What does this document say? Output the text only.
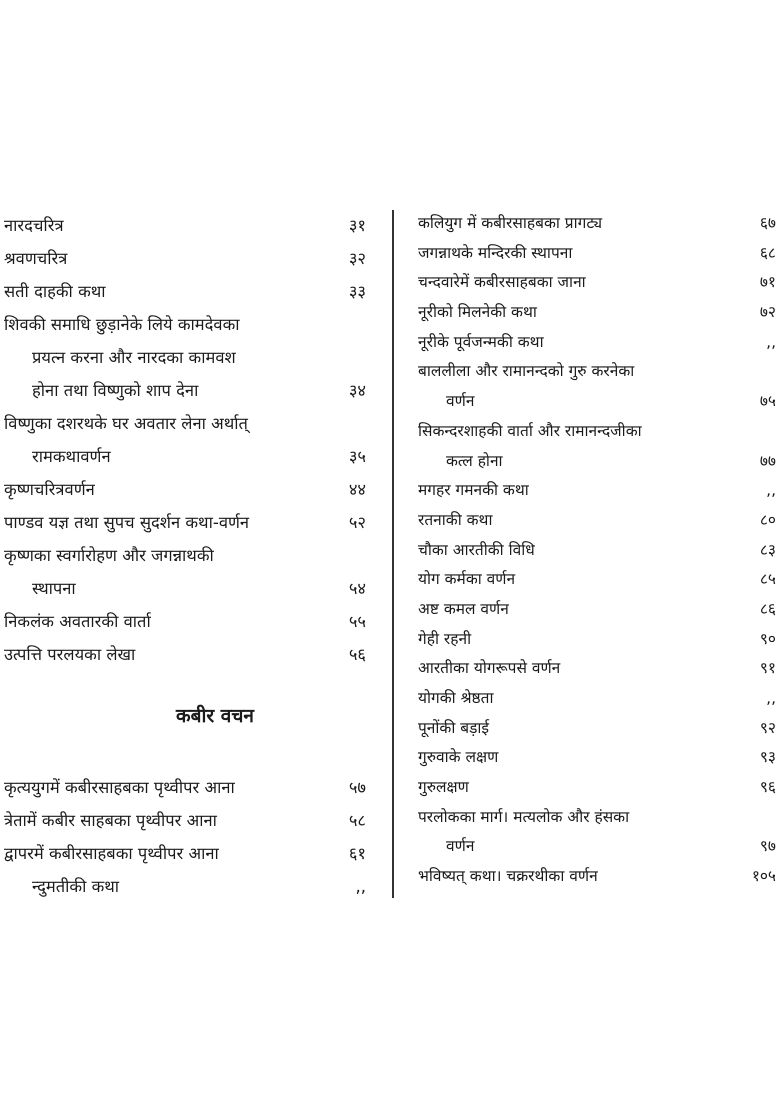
नारदचरित्र	३१
श्रवणचरित्र	३२
सती दाहकी कथा	३३
शिवकी समाधि छुड़ानेके लिये कामदेवका
प्रयत्न करना और नारदका कामवश
होना तथा विष्णुको शाप देना	३४
विष्णुका दशरथके घर अवतार लेना अर्थात्
रामकथावर्णन	३५
कृष्णचरित्रवर्णन	४४
पाण्डव यज्ञ तथा सुपच सुदर्शन कथा-वर्णन	५२
कृष्णका स्वर्गारोहण और जगन्नाथकी
स्थापना	५४
निकलंक अवतारकी वार्ता	५५
उत्पत्ति परलयका लेखा	५६
कबीर वचन
कृत्ययुगमें कबीरसाहबका पृथ्वीपर आना	५७
त्रेतामें कबीर साहबका पृथ्वीपर आना	५८
द्वापरमें कबीरसाहबका पृथ्वीपर आना	६१
न्दुमतीकी कथा	,,
कलियुग में कबीरसाहबका प्रागट्य	६७
जगन्नाथके मन्दिरकी स्थापना	६८
चन्दवारेमें कबीरसाहबका जाना	७१
नूरीको मिलनेकी कथा	७२
नूरीके पूर्वजन्मकी कथा	,,
बाललीला और रामानन्दको गुरु करनेका
वर्णन	७५
सिकन्दरशाहकी वार्ता और रामानन्दजीका
कत्ल होना	७७
मगहर गमनकी कथा	,,
रतनाकी कथा	८०
चौका आरतीकी विधि	८३
योग कर्मका वर्णन	८५
अष्ट कमल वर्णन	८६
गेही रहनी	९०
आरतीका योगरूपसे वर्णन	९१
योगकी श्रेष्ठता	,,
पूनोंकी बड़ाई	९२
गुरुवाके लक्षण	९३
गुरुलक्षण	९६
परलोकका मार्ग। मत्यलोक और हंसका
वर्णन	९७
भविष्यत् कथा। चक्ररथीका वर्णन	१०५
